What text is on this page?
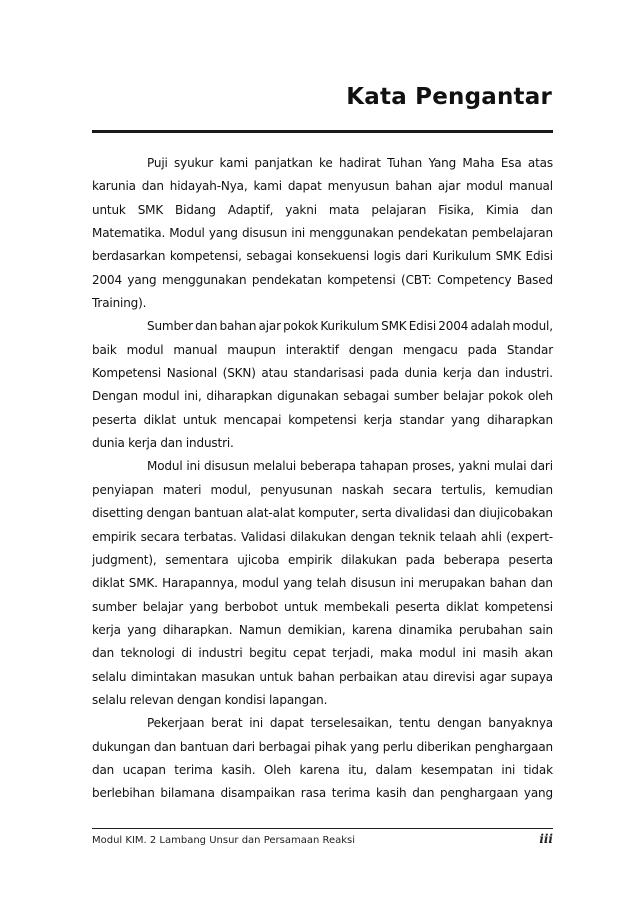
Kata Pengantar
Puji syukur kami panjatkan ke hadirat Tuhan Yang Maha Esa atas
karunia dan hidayah-Nya, kami dapat menyusun bahan ajar modul manual
untuk SMK Bidang Adaptif, yakni mata pelajaran Fisika, Kimia dan
Matematika. Modul yang disusun ini menggunakan pendekatan pembelajaran
berdasarkan kompetensi, sebagai konsekuensi logis dari Kurikulum SMK Edisi
2004 yang menggunakan pendekatan kompetensi (CBT: Competency Based
Training).
Sumber dan bahan ajar pokok Kurikulum SMK Edisi 2004 adalah modul,
baik modul manual maupun interaktif dengan mengacu pada Standar
Kompetensi Nasional (SKN) atau standarisasi pada dunia kerja dan industri.
Dengan modul ini, diharapkan digunakan sebagai sumber belajar pokok oleh
peserta diklat untuk mencapai kompetensi kerja standar yang diharapkan
dunia kerja dan industri.
Modul ini disusun melalui beberapa tahapan proses, yakni mulai dari
penyiapan materi modul, penyusunan naskah secara tertulis, kemudian
disetting dengan bantuan alat-alat komputer, serta divalidasi dan diujicobakan
empirik secara terbatas. Validasi dilakukan dengan teknik telaah ahli (expert-
judgment), sementara ujicoba empirik dilakukan pada beberapa peserta
diklat SMK. Harapannya, modul yang telah disusun ini merupakan bahan dan
sumber belajar yang berbobot untuk membekali peserta diklat kompetensi
kerja yang diharapkan. Namun demikian, karena dinamika perubahan sain
dan teknologi di industri begitu cepat terjadi, maka modul ini masih akan
selalu dimintakan masukan untuk bahan perbaikan atau direvisi agar supaya
selalu relevan dengan kondisi lapangan.
Pekerjaan berat ini dapat terselesaikan, tentu dengan banyaknya
dukungan dan bantuan dari berbagai pihak yang perlu diberikan penghargaan
dan ucapan terima kasih. Oleh karena itu, dalam kesempatan ini tidak
berlebihan bilamana disampaikan rasa terima kasih dan penghargaan yang
Modul KIM. 2 Lambang Unsur dan Persamaan Reaksi	iii
